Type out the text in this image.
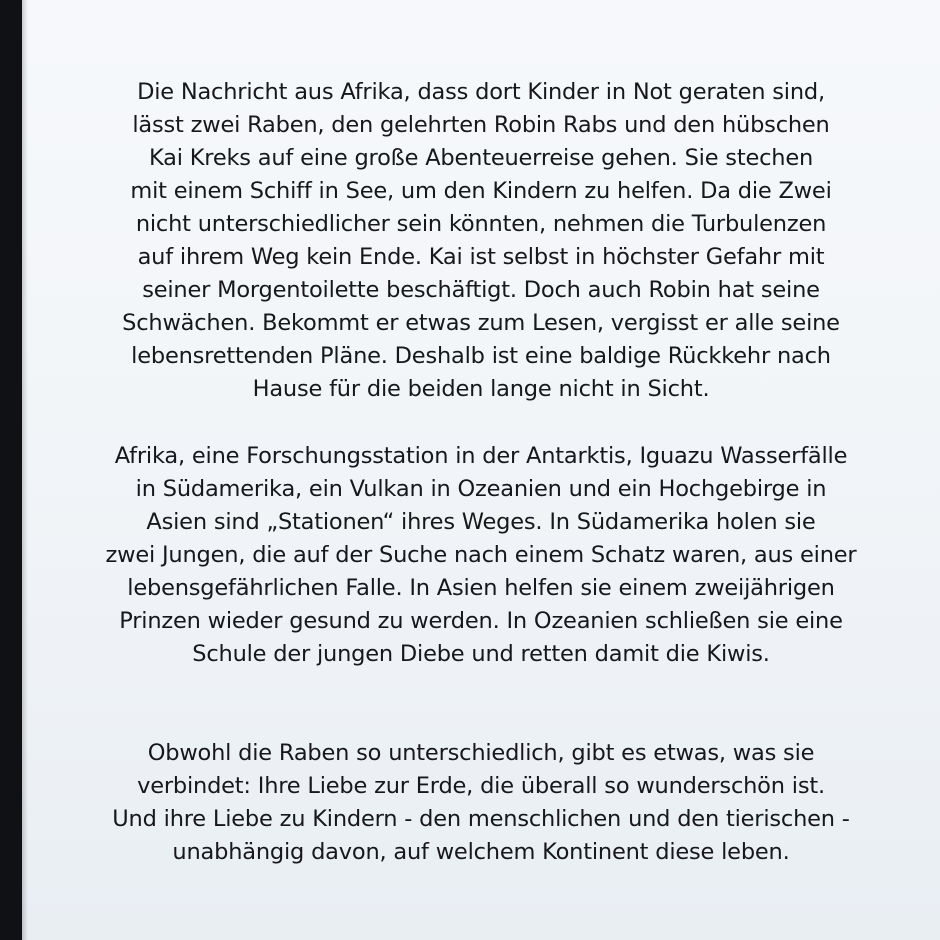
Die Nachricht aus Afrika, dass dort Kinder in Not geraten sind,
lässt zwei Raben, den gelehrten Robin Rabs und den hübschen
Kai Kreks auf eine große Abenteuerreise gehen. Sie stechen
mit einem Schiff in See, um den Kindern zu helfen. Da die Zwei
nicht unterschiedlicher sein könnten, nehmen die Turbulenzen
auf ihrem Weg kein Ende. Kai ist selbst in höchster Gefahr mit
seiner Morgentoilette beschäftigt. Doch auch Robin hat seine
Schwächen. Bekommt er etwas zum Lesen, vergisst er alle seine
lebensrettenden Pläne. Deshalb ist eine baldige Rückkehr nach
Hause für die beiden lange nicht in Sicht.
Afrika, eine Forschungsstation in der Antarktis, Iguazu Wasserfälle
in Südamerika, ein Vulkan in Ozeanien und ein Hochgebirge in
Asien sind „Stationen“ ihres Weges. In Südamerika holen sie
zwei Jungen, die auf der Suche nach einem Schatz waren, aus einer
lebensgefährlichen Falle. In Asien helfen sie einem zweijährigen
Prinzen wieder gesund zu werden. In Ozeanien schließen sie eine
Schule der jungen Diebe und retten damit die Kiwis.
Obwohl die Raben so unterschiedlich, gibt es etwas, was sie
verbindet: Ihre Liebe zur Erde, die überall so wunderschön ist.
Und ihre Liebe zu Kindern - den menschlichen und den tierischen -
unabhängig davon, auf welchem Kontinent diese leben.
